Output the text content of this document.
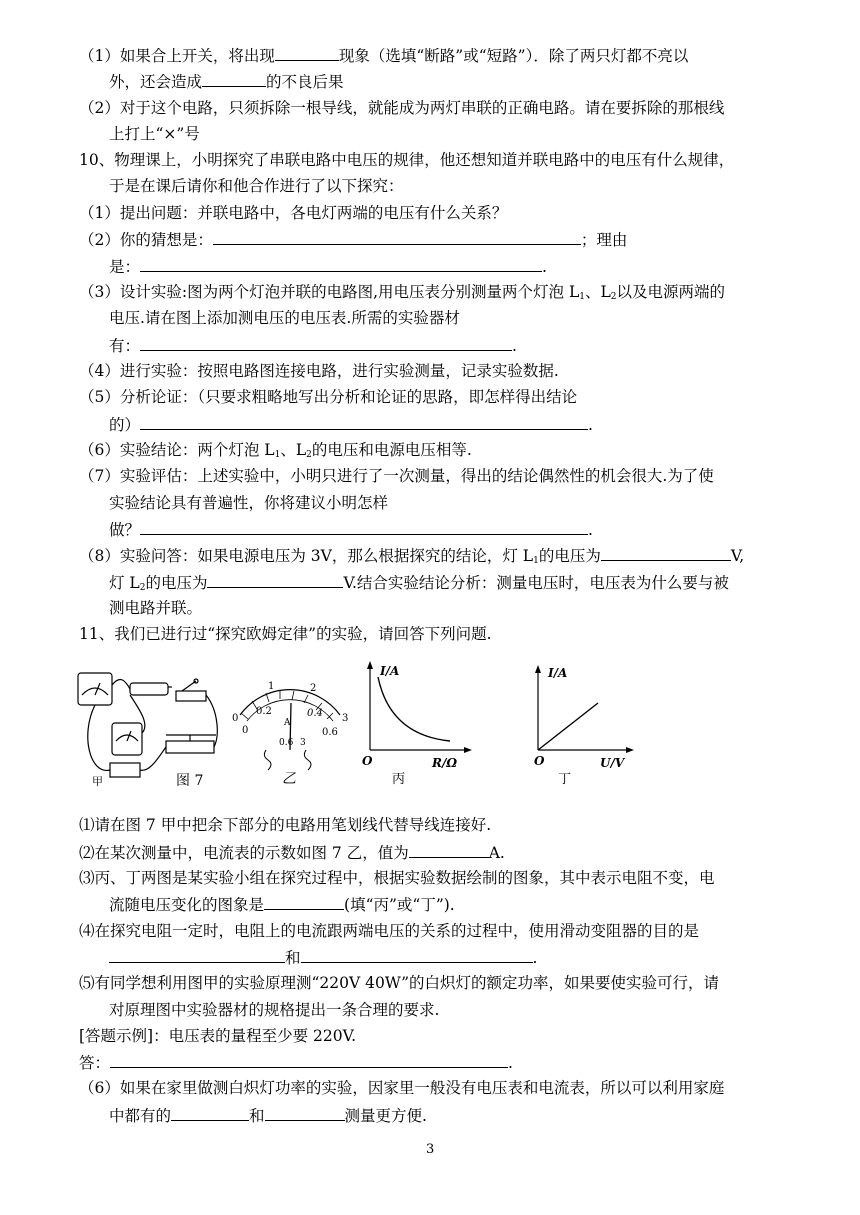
（1）如果合上开关，将出现	现象（选填“断路”或“短路”）．除了两只灯都不亮以
外，还会造成	的不良后果
（2）对于这个电路，只须拆除一根导线，就能成为两灯串联的正确电路。请在要拆除的那根线
上打上“×”号
10、物理课上，小明探究了串联电路中电压的规律，他还想知道并联电路中的电压有什么规律，
于是在课后请你和他合作进行了以下探究：
（1）提出问题：并联电路中，各电灯两端的电压有什么关系？
（2）你的猜想是：	；理由
是：	.
（3）设计实验:图为两个灯泡并联的电路图,用电压表分别测量两个灯泡 $L_1$、$L_2$以及电源两端的
电压.请在图上添加测电压的电压表.所需的实验器材
有：	.
（4）进行实验：按照电路图连接电路，进行实验测量，记录实验数据.
（5）分析论证：（只要求粗略地写出分析和论证的思路，即怎样得出结论
的）	.
（6）实验结论：两个灯泡 $L_1$、$L_2$的电压和电源电压相等.
（7）实验评估：上述实验中，小明只进行了一次测量，得出的结论偶然性的机会很大.为了使
实验结论具有普遍性，你将建议小明怎样
做？	.
（8）实验问答：如果电源电压为 3V，那么根据探究的结论，灯 $L_1$的电压为	V,
灯 $L_2$的电压为	V.结合实验结论分析：测量电压时，电压表为什么要与被
测电路并联。
11、我们已进行过“探究欧姆定律”的实验，请回答下列问题.
0
1	2
3
0.2	0.4
0	0.6
A
0.6 3
I/A
R/Ω
O
I/A
U/V
O
甲	图 7	乙	丙	丁
⑴请在图 7 甲中把余下部分的电路用笔划线代替导线连接好.
⑵在某次测量中，电流表的示数如图 7 乙，值为	A.
⑶丙、丁两图是某实验小组在探究过程中，根据实验数据绘制的图象，其中表示电阻不变，电
流随电压变化的图象是	(填“丙”或“丁”).
⑷在探究电阻一定时，电阻上的电流跟两端电压的关系的过程中，使用滑动变阻器的目的是
和	.
⑸有同学想利用图甲的实验原理测“220V 40W”的白炽灯的额定功率，如果要使实验可行，请
对原理图中实验器材的规格提出一条合理的要求.
[答题示例]：电压表的量程至少要 220V.
答：	.
（6）如果在家里做测白炽灯功率的实验，因家里一般没有电压表和电流表，所以可以利用家庭
中都有的	和	测量更方便.
3
